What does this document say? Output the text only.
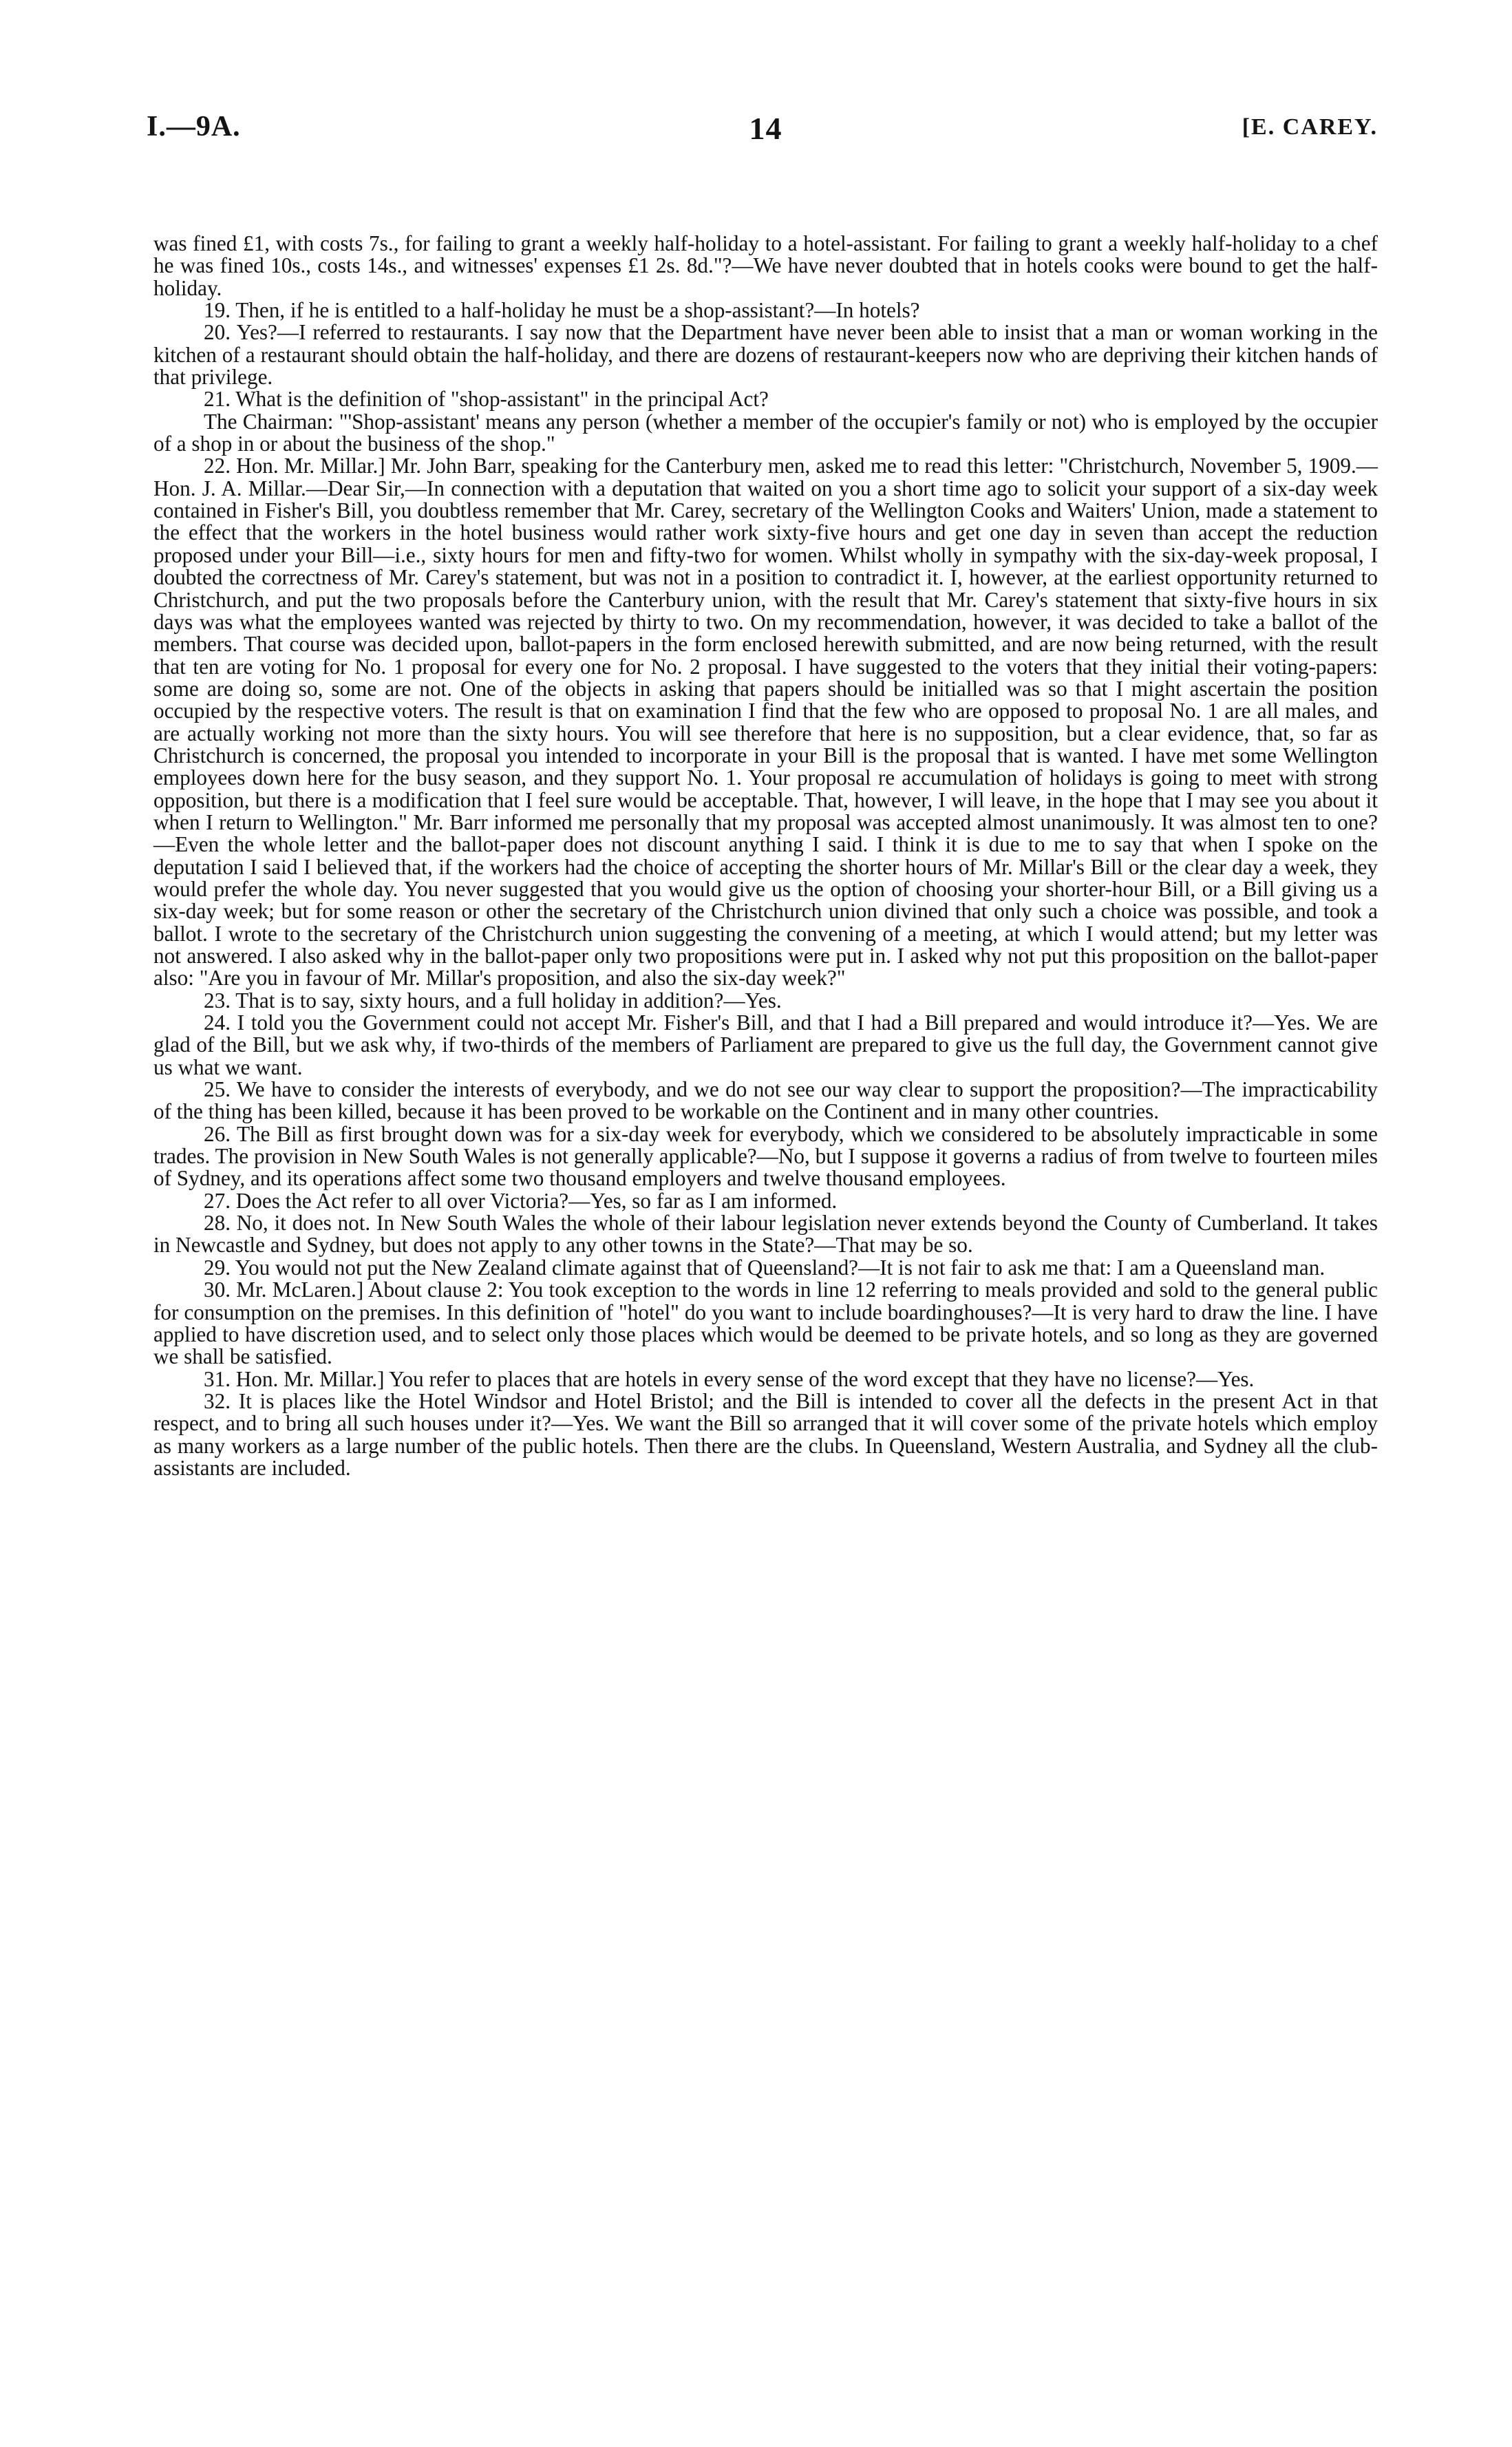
I.—9A.	14	[E. CAREY.

was fined £1, with costs 7s., for failing to grant a weekly half-holiday to a hotel-assistant. For failing to grant a weekly half-holiday to a chef he was fined 10s., costs 14s., and witnesses' expenses £1 2s. 8d."?—We have never doubted that in hotels cooks were bound to get the half-holiday.

19. Then, if he is entitled to a half-holiday he must be a shop-assistant?—In hotels?

20. Yes?—I referred to restaurants. I say now that the Department have never been able to insist that a man or woman working in the kitchen of a restaurant should obtain the half-holiday, and there are dozens of restaurant-keepers now who are depriving their kitchen hands of that privilege.

21. What is the definition of "shop-assistant" in the principal Act?

The Chairman: "'Shop-assistant' means any person (whether a member of the occupier's family or not) who is employed by the occupier of a shop in or about the business of the shop."

22. Hon. Mr. Millar.] Mr. John Barr, speaking for the Canterbury men, asked me to read this letter: "Christchurch, November 5, 1909.—Hon. J. A. Millar.—Dear Sir,—In connection with a deputation that waited on you a short time ago to solicit your support of a six-day week contained in Fisher's Bill, you doubtless remember that Mr. Carey, secretary of the Wellington Cooks and Waiters' Union, made a statement to the effect that the workers in the hotel business would rather work sixty-five hours and get one day in seven than accept the reduction proposed under your Bill—i.e., sixty hours for men and fifty-two for women. Whilst wholly in sympathy with the six-day-week proposal, I doubted the correctness of Mr. Carey's statement, but was not in a position to contradict it. I, however, at the earliest opportunity returned to Christchurch, and put the two proposals before the Canterbury union, with the result that Mr. Carey's statement that sixty-five hours in six days was what the employees wanted was rejected by thirty to two. On my recommendation, however, it was decided to take a ballot of the members. That course was decided upon, ballot-papers in the form enclosed herewith submitted, and are now being returned, with the result that ten are voting for No. 1 proposal for every one for No. 2 proposal. I have suggested to the voters that they initial their voting-papers: some are doing so, some are not. One of the objects in asking that papers should be initialled was so that I might ascertain the position occupied by the respective voters. The result is that on examination I find that the few who are opposed to proposal No. 1 are all males, and are actually working not more than the sixty hours. You will see therefore that here is no supposition, but a clear evidence, that, so far as Christchurch is concerned, the proposal you intended to incorporate in your Bill is the proposal that is wanted. I have met some Wellington employees down here for the busy season, and they support No. 1. Your proposal re accumulation of holidays is going to meet with strong opposition, but there is a modification that I feel sure would be acceptable. That, however, I will leave, in the hope that I may see you about it when I return to Wellington." Mr. Barr informed me personally that my proposal was accepted almost unanimously. It was almost ten to one?—Even the whole letter and the ballot-paper does not discount anything I said. I think it is due to me to say that when I spoke on the deputation I said I believed that, if the workers had the choice of accepting the shorter hours of Mr. Millar's Bill or the clear day a week, they would prefer the whole day. You never suggested that you would give us the option of choosing your shorter-hour Bill, or a Bill giving us a six-day week; but for some reason or other the secretary of the Christchurch union divined that only such a choice was possible, and took a ballot. I wrote to the secretary of the Christchurch union suggesting the convening of a meeting, at which I would attend; but my letter was not answered. I also asked why in the ballot-paper only two propositions were put in. I asked why not put this proposition on the ballot-paper also: "Are you in favour of Mr. Millar's proposition, and also the six-day week?"

23. That is to say, sixty hours, and a full holiday in addition?—Yes.

24. I told you the Government could not accept Mr. Fisher's Bill, and that I had a Bill prepared and would introduce it?—Yes. We are glad of the Bill, but we ask why, if two-thirds of the members of Parliament are prepared to give us the full day, the Government cannot give us what we want.

25. We have to consider the interests of everybody, and we do not see our way clear to support the proposition?—The impracticability of the thing has been killed, because it has been proved to be workable on the Continent and in many other countries.

26. The Bill as first brought down was for a six-day week for everybody, which we considered to be absolutely impracticable in some trades. The provision in New South Wales is not generally applicable?—No, but I suppose it governs a radius of from twelve to fourteen miles of Sydney, and its operations affect some two thousand employers and twelve thousand employees.

27. Does the Act refer to all over Victoria?—Yes, so far as I am informed.

28. No, it does not. In New South Wales the whole of their labour legislation never extends beyond the County of Cumberland. It takes in Newcastle and Sydney, but does not apply to any other towns in the State?—That may be so.

29. You would not put the New Zealand climate against that of Queensland?—It is not fair to ask me that: I am a Queensland man.

30. Mr. McLaren.] About clause 2: You took exception to the words in line 12 referring to meals provided and sold to the general public for consumption on the premises. In this definition of "hotel" do you want to include boardinghouses?—It is very hard to draw the line. I have applied to have discretion used, and to select only those places which would be deemed to be private hotels, and so long as they are governed we shall be satisfied.

31. Hon. Mr. Millar.] You refer to places that are hotels in every sense of the word except that they have no license?—Yes.

32. It is places like the Hotel Windsor and Hotel Bristol; and the Bill is intended to cover all the defects in the present Act in that respect, and to bring all such houses under it?—Yes. We want the Bill so arranged that it will cover some of the private hotels which employ as many workers as a large number of the public hotels. Then there are the clubs. In Queensland, Western Australia, and Sydney all the club-assistants are included.
